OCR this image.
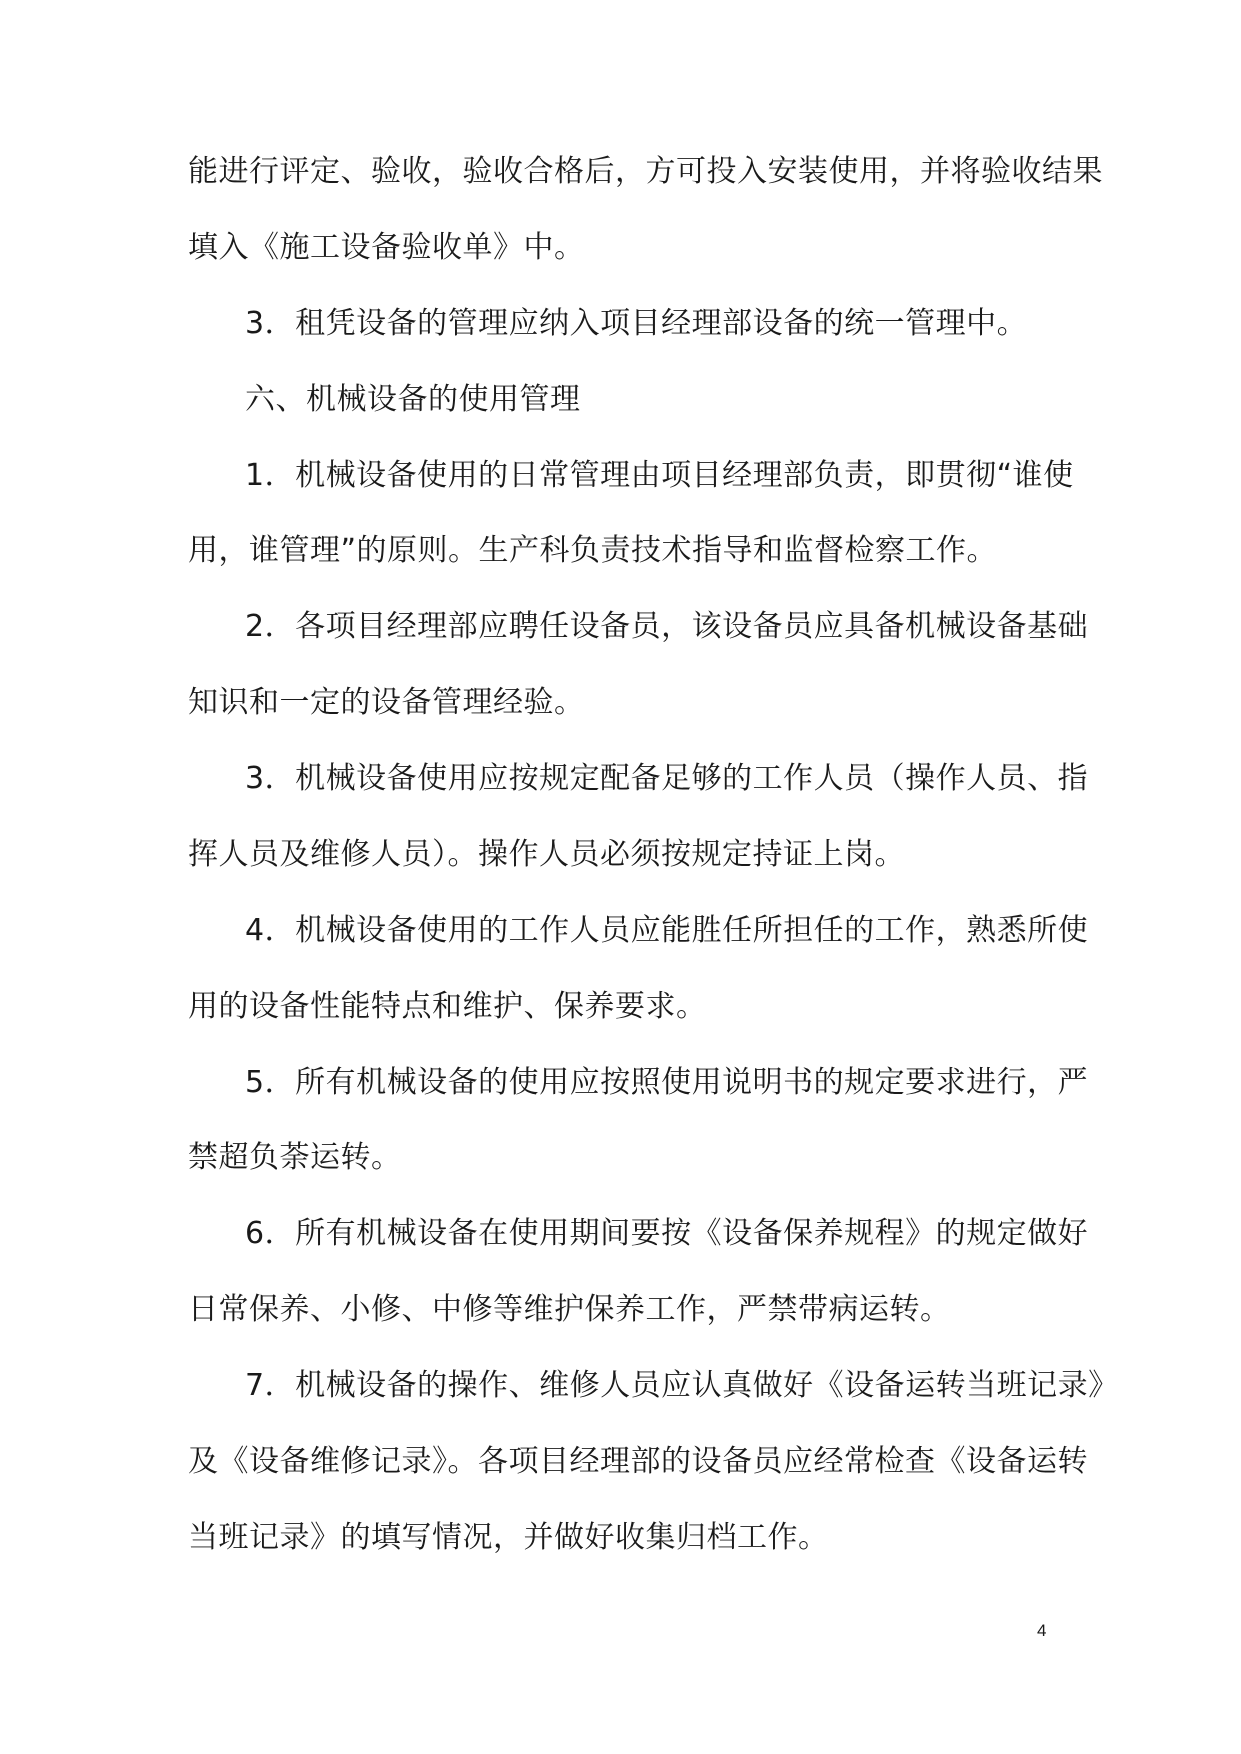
能进行评定、验收，验收合格后，方可投入安装使用，并将验收结果
填入《施工设备验收单》中。
3．租凭设备的管理应纳入项目经理部设备的统一管理中。
六、机械设备的使用管理
1．机械设备使用的日常管理由项目经理部负责，即贯彻“谁使
用，谁管理”的原则。生产科负责技术指导和监督检察工作。
2．各项目经理部应聘任设备员，该设备员应具备机械设备基础
知识和一定的设备管理经验。
3．机械设备使用应按规定配备足够的工作人员（操作人员、指
挥人员及维修人员）。操作人员必须按规定持证上岗。
4．机械设备使用的工作人员应能胜任所担任的工作，熟悉所使
用的设备性能特点和维护、保养要求。
5．所有机械设备的使用应按照使用说明书的规定要求进行，严
禁超负荼运转。
6．所有机械设备在使用期间要按《设备保养规程》的规定做好
日常保养、小修、中修等维护保养工作，严禁带病运转。
7．机械设备的操作、维修人员应认真做好《设备运转当班记录》
及《设备维修记录》。各项目经理部的设备员应经常检查《设备运转
当班记录》的填写情况，并做好收集归档工作。
4
